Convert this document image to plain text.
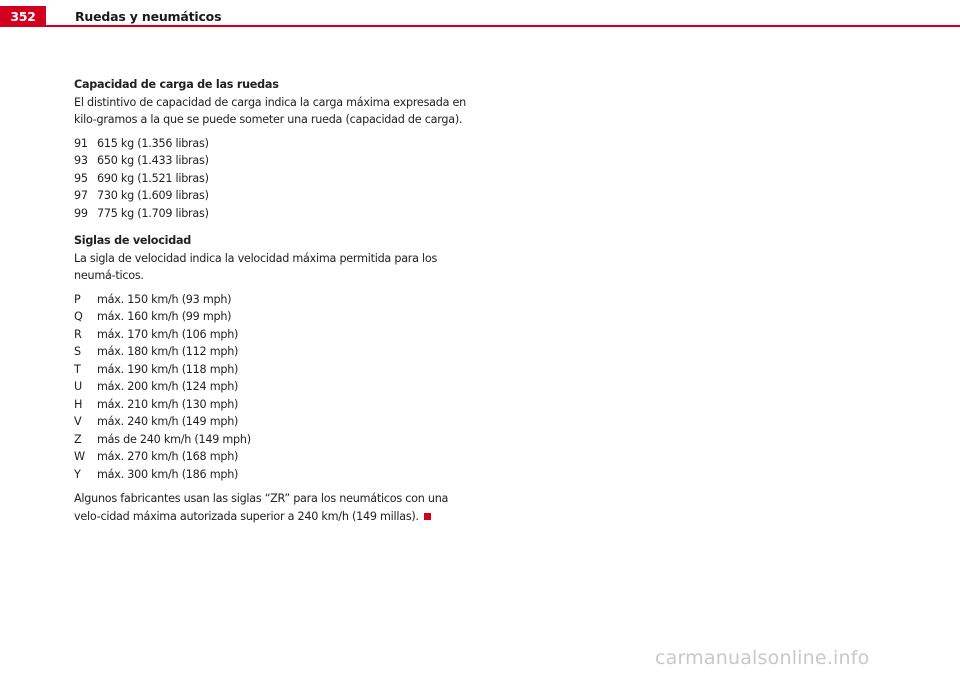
352	Ruedas y neumáticos

Capacidad de carga de las ruedas

El distintivo de capacidad de carga indica la carga máxima expresada en kilo-gramos a la que se puede someter una rueda (capacidad de carga).

91 615 kg (1.356 libras)
93 650 kg (1.433 libras)
95 690 kg (1.521 libras)
97 730 kg (1.609 libras)
99 775 kg (1.709 libras)

Siglas de velocidad

La sigla de velocidad indica la velocidad máxima permitida para los neumá-ticos.

P	máx. 150 km/h (93 mph)
Q	máx. 160 km/h (99 mph)
R	máx. 170 km/h (106 mph)
S	máx. 180 km/h (112 mph)
T	máx. 190 km/h (118 mph)
U	máx. 200 km/h (124 mph)
H	máx. 210 km/h (130 mph)
V	máx. 240 km/h (149 mph)
Z	más de 240 km/h (149 mph)
W	máx. 270 km/h (168 mph)
Y	máx. 300 km/h (186 mph)

Algunos fabricantes usan las siglas “ZR” para los neumáticos con una velo-cidad máxima autorizada superior a 240 km/h (149 millas).

carmanualsonline.info
